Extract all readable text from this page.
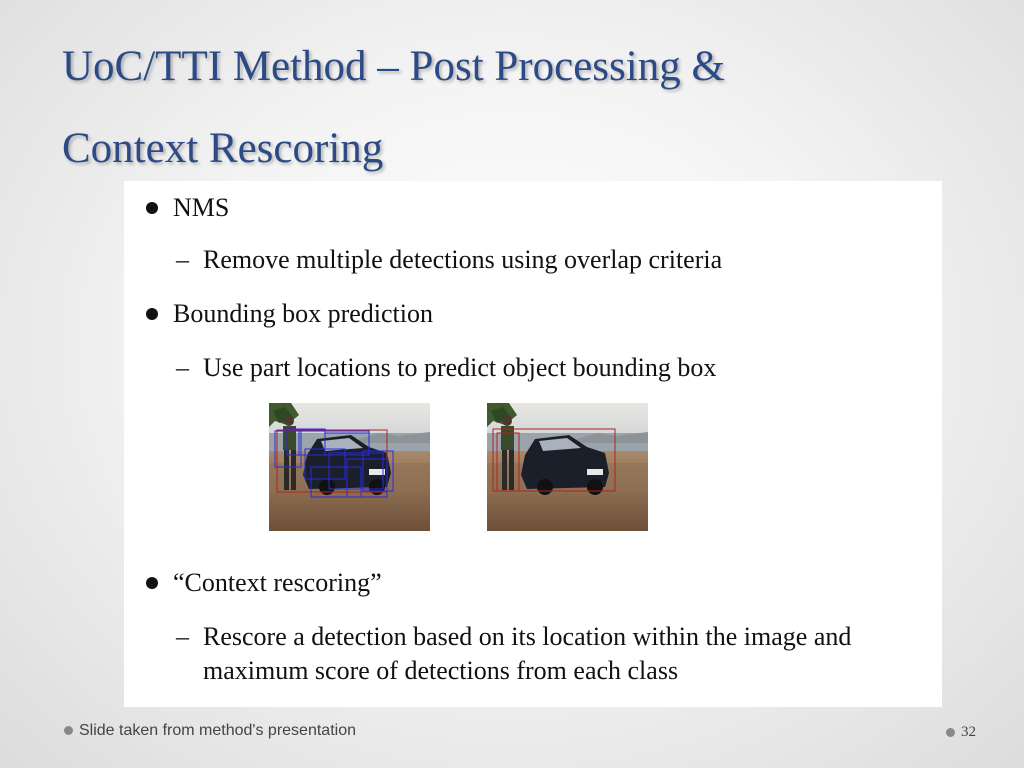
UoC/TTI Method – Post Processing &
Context Rescoring
NMS
– Remove multiple detections using overlap criteria
Bounding box prediction
– Use part locations to predict object bounding box
“Context rescoring”
– Rescore a detection based on its location within the image and
maximum score of detections from each class
Slide taken from method's presentation	32
